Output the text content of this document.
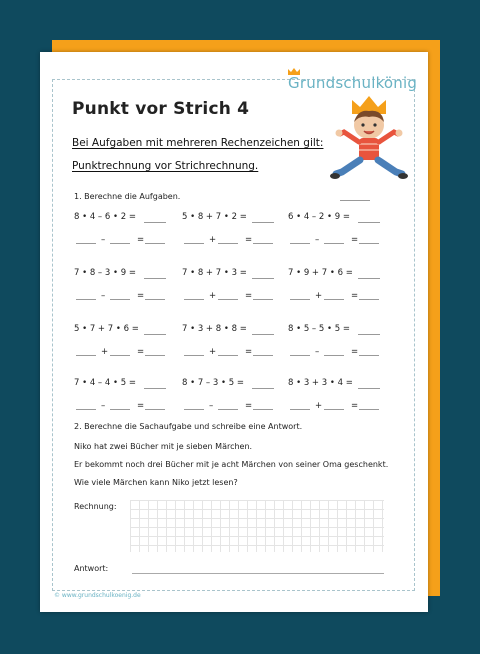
Grundschulkönig
Punkt vor Strich 4
Bei Aufgaben mit mehreren Rechenzeichen gilt:
Punktrechnung vor Strichrechnung.
1. Berechne die Aufgaben.
8 • 4 – 6 • 2 =
–	=
5 • 8 + 7 • 2 =
+	=
6 • 4 – 2 • 9 =
–	=
7 • 8 – 3 • 9 =
–	=
7 • 8 + 7 • 3 =
+	=
7 • 9 + 7 • 6 =
+	=
5 • 7 + 7 • 6 =
+	=
7 • 3 + 8 • 8 =
+	=
8 • 5 – 5 • 5 =
–	=
7 • 4 – 4 • 5 =
–	=
8 • 7 – 3 • 5 =
–	=
8 • 3 + 3 • 4 =
+	=
2. Berechne die Sachaufgabe und schreibe eine Antwort.
Niko hat zwei Bücher mit je sieben Märchen.
Er bekommt noch drei Bücher mit je acht Märchen von seiner Oma geschenkt.
Wie viele Märchen kann Niko jetzt lesen?
Rechnung:
Antwort:
© www.grundschulkoenig.de
